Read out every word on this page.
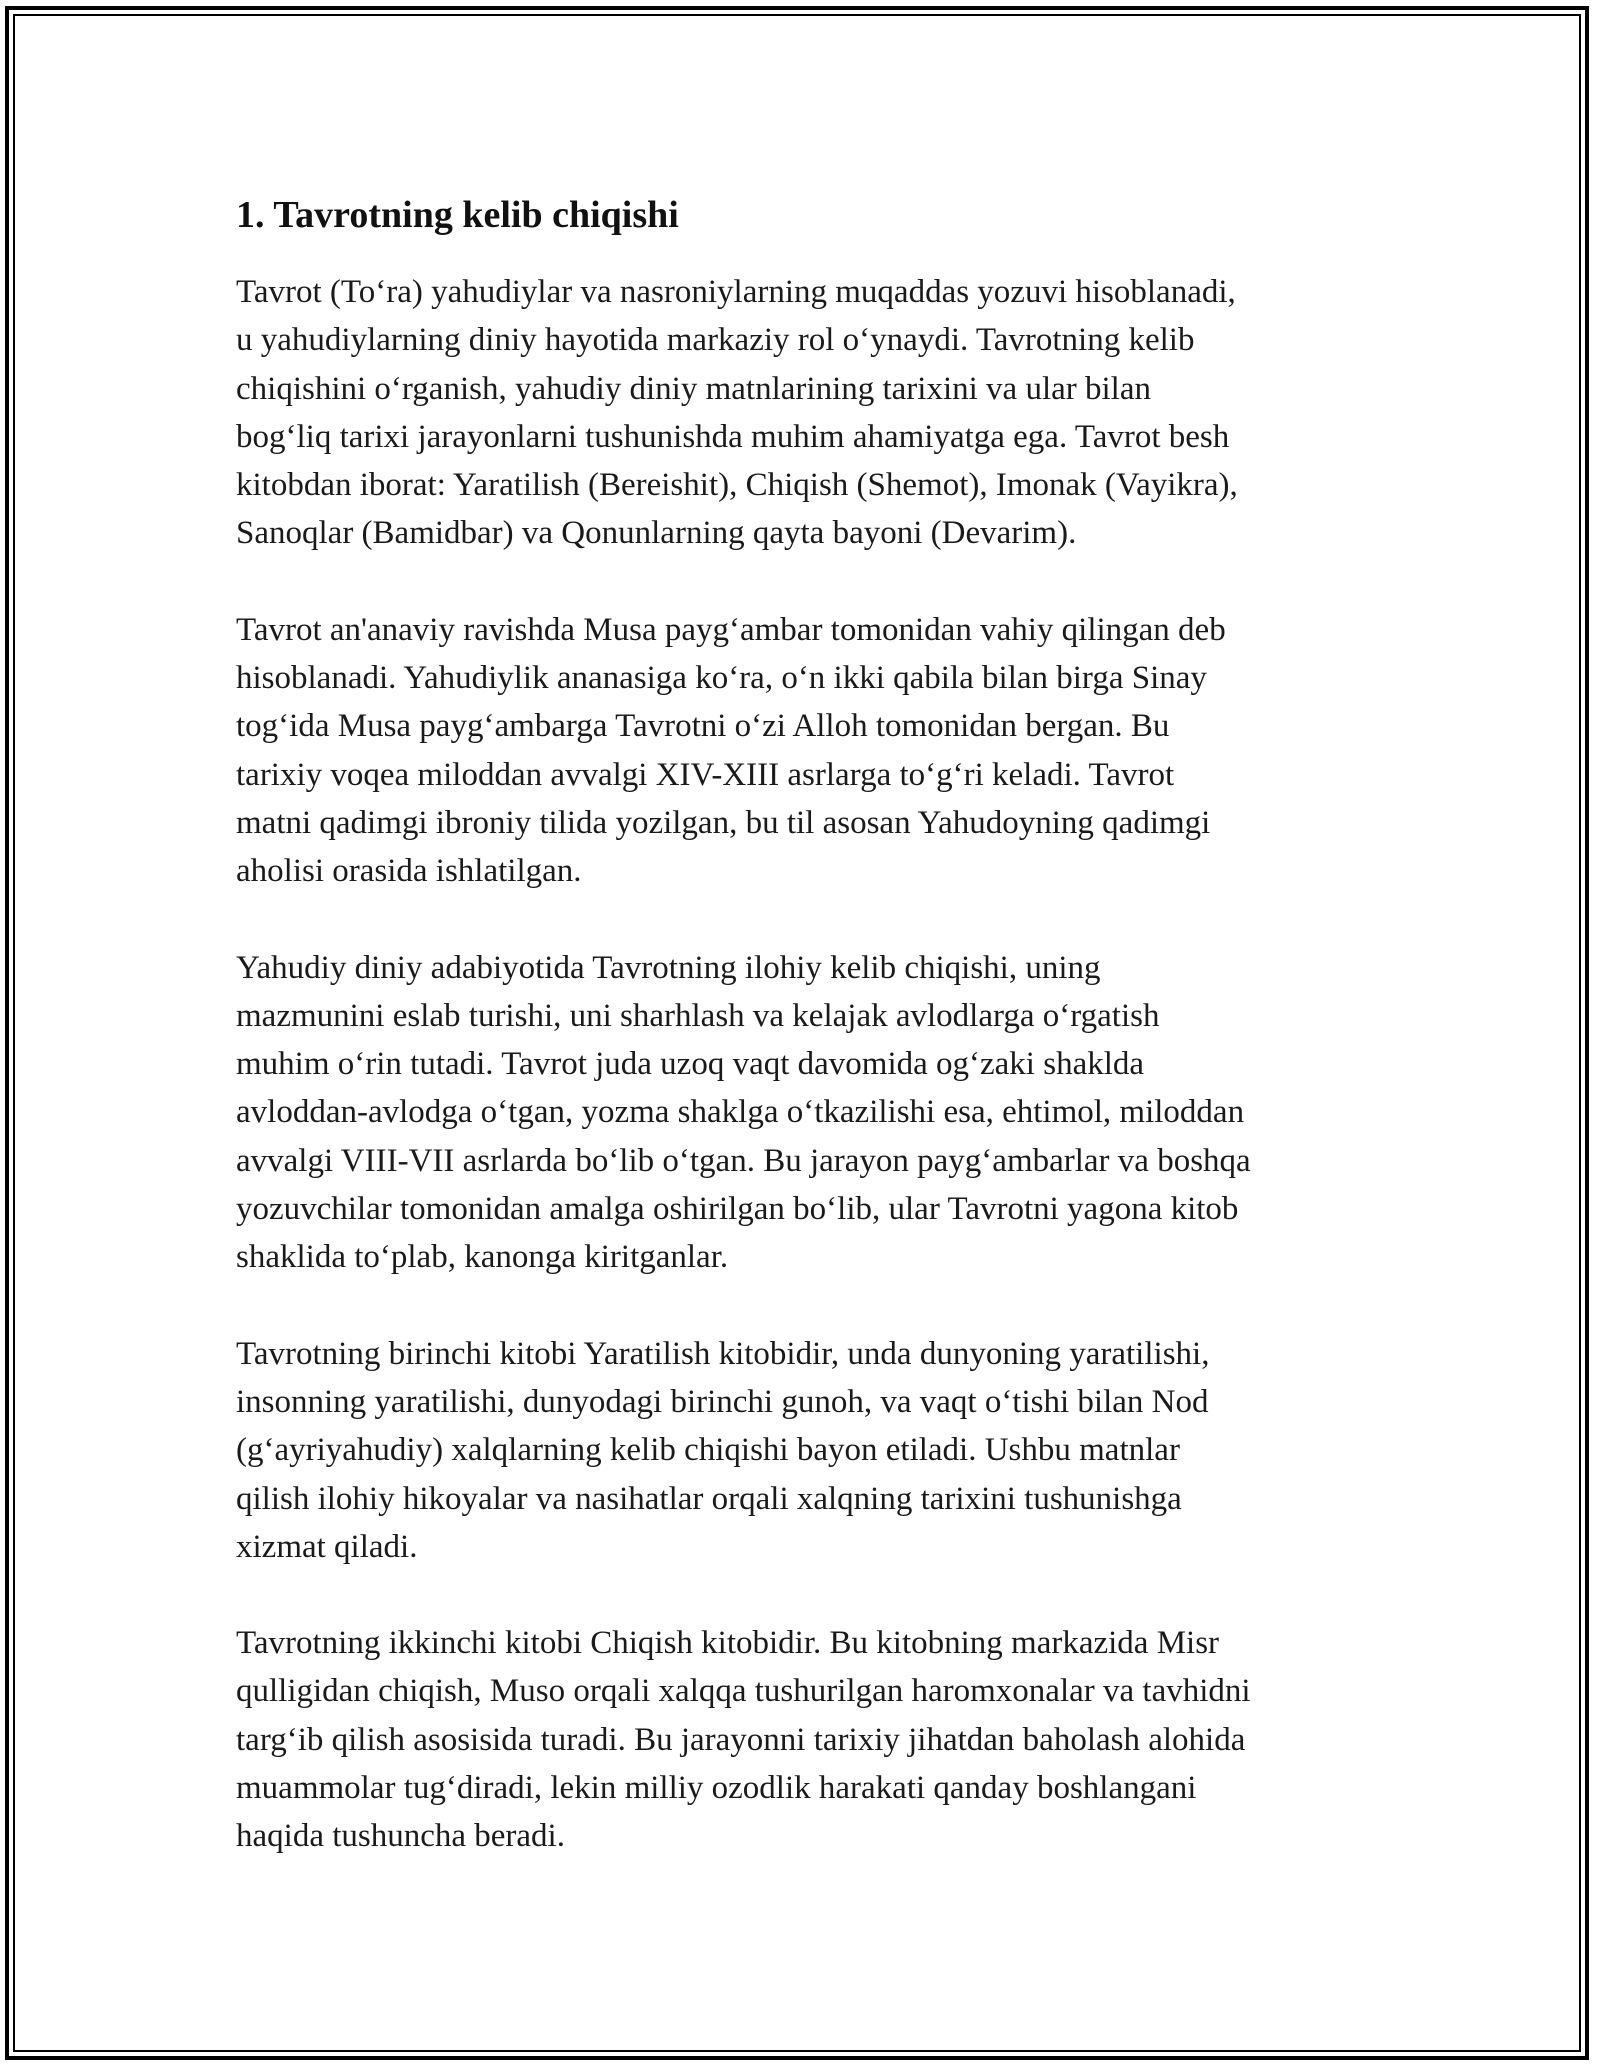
1. Tavrotning kelib chiqishi

Tavrot (To‘ra) yahudiylar va nasroniylarning muqaddas yozuvi hisoblanadi,
u yahudiylarning diniy hayotida markaziy rol o‘ynaydi. Tavrotning kelib
chiqishini o‘rganish, yahudiy diniy matnlarining tarixini va ular bilan
bog‘liq tarixi jarayonlarni tushunishda muhim ahamiyatga ega. Tavrot besh
kitobdan iborat: Yaratilish (Bereishit), Chiqish (Shemot), Imonak (Vayikra),
Sanoqlar (Bamidbar) va Qonunlarning qayta bayoni (Devarim).

Tavrot an'anaviy ravishda Musa payg‘ambar tomonidan vahiy qilingan deb
hisoblanadi. Yahudiylik ananasiga ko‘ra, o‘n ikki qabila bilan birga Sinay
tog‘ida Musa payg‘ambarga Tavrotni o‘zi Alloh tomonidan bergan. Bu
tarixiy voqea miloddan avvalgi XIV-XIII asrlarga to‘g‘ri keladi. Tavrot
matni qadimgi ibroniy tilida yozilgan, bu til asosan Yahudoyning qadimgi
aholisi orasida ishlatilgan.

Yahudiy diniy adabiyotida Tavrotning ilohiy kelib chiqishi, uning
mazmunini eslab turishi, uni sharhlash va kelajak avlodlarga o‘rgatish
muhim o‘rin tutadi. Tavrot juda uzoq vaqt davomida og‘zaki shaklda
avloddan-avlodga o‘tgan, yozma shaklga o‘tkazilishi esa, ehtimol, miloddan
avvalgi VIII-VII asrlarda bo‘lib o‘tgan. Bu jarayon payg‘ambarlar va boshqa
yozuvchilar tomonidan amalga oshirilgan bo‘lib, ular Tavrotni yagona kitob
shaklida to‘plab, kanonga kiritganlar.

Tavrotning birinchi kitobi Yaratilish kitobidir, unda dunyoning yaratilishi,
insonning yaratilishi, dunyodagi birinchi gunoh, va vaqt o‘tishi bilan Nod
(g‘ayriyahudiy) xalqlarning kelib chiqishi bayon etiladi. Ushbu matnlar
qilish ilohiy hikoyalar va nasihatlar orqali xalqning tarixini tushunishga
xizmat qiladi.

Tavrotning ikkinchi kitobi Chiqish kitobidir. Bu kitobning markazida Misr
qulligidan chiqish, Muso orqali xalqqa tushurilgan haromxonalar va tavhidni
targ‘ib qilish asosisida turadi. Bu jarayonni tarixiy jihatdan baholash alohida
muammolar tug‘diradi, lekin milliy ozodlik harakati qanday boshlangani
haqida tushuncha beradi.
